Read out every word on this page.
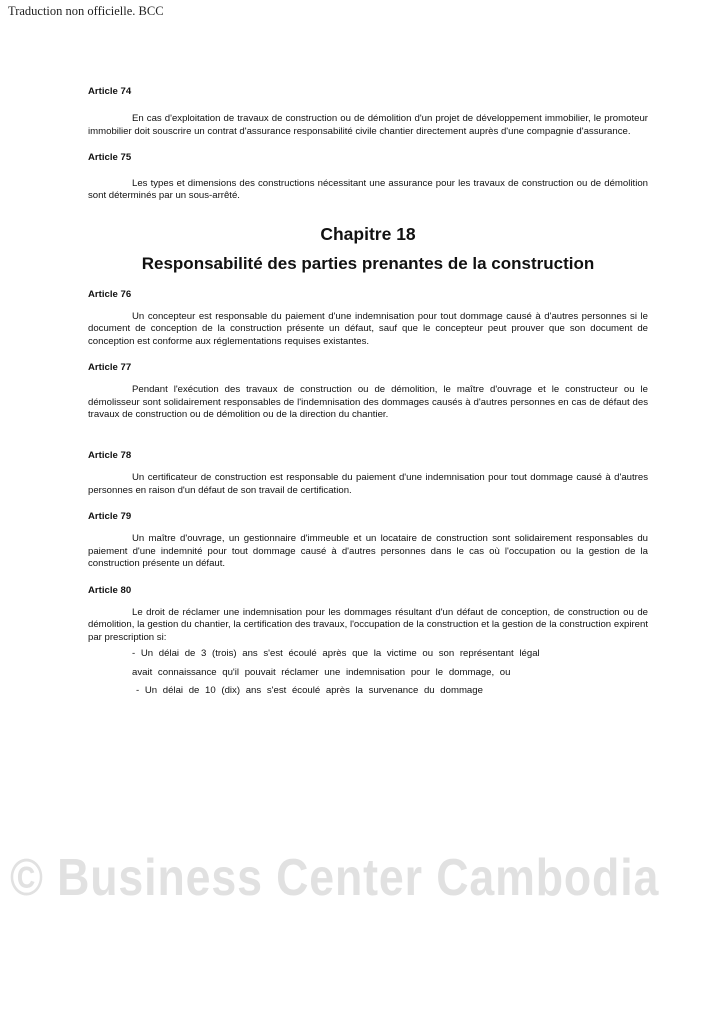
Traduction non officielle. BCC

Article 74

En cas d'exploitation de travaux de construction ou de démolition d'un projet de développement immobilier, le promoteur immobilier doit souscrire un contrat d'assurance responsabilité civile chantier directement auprès d'une compagnie d'assurance.

Article 75

Les types et dimensions des constructions nécessitant une assurance pour les travaux de construction ou de démolition sont déterminés par un sous-arrêté.

Chapitre 18

Responsabilité des parties prenantes de la construction

Article 76

Un concepteur est responsable du paiement d'une indemnisation pour tout dommage causé à d'autres personnes si le document de conception de la construction présente un défaut, sauf que le concepteur peut prouver que son document de conception est conforme aux réglementations requises existantes.

Article 77

Pendant l'exécution des travaux de construction ou de démolition, le maître d'ouvrage et le constructeur ou le démolisseur sont solidairement responsables de l'indemnisation des dommages causés à d'autres personnes en cas de défaut des travaux de construction ou de démolition ou de la direction du chantier.

Article 78

Un certificateur de construction est responsable du paiement d'une indemnisation pour tout dommage causé à d'autres personnes en raison d'un défaut de son travail de certification.

Article 79

Un maître d'ouvrage, un gestionnaire d'immeuble et un locataire de construction sont solidairement responsables du paiement d'une indemnité pour tout dommage causé à d'autres personnes dans le cas où l'occupation ou la gestion de la construction présente un défaut.

Article 80

Le droit de réclamer une indemnisation pour les dommages résultant d'un défaut de conception, de construction ou de démolition, la gestion du chantier, la certification des travaux, l'occupation de la construction et la gestion de la construction expirent par prescription si:

- Un délai de 3 (trois) ans s'est écoulé après que la victime ou son représentant légal

avait connaissance qu'il pouvait réclamer une indemnisation pour le dommage, ou

- Un délai de 10 (dix) ans s'est écoulé après la survenance du dommage

© Business Center Cambodia
